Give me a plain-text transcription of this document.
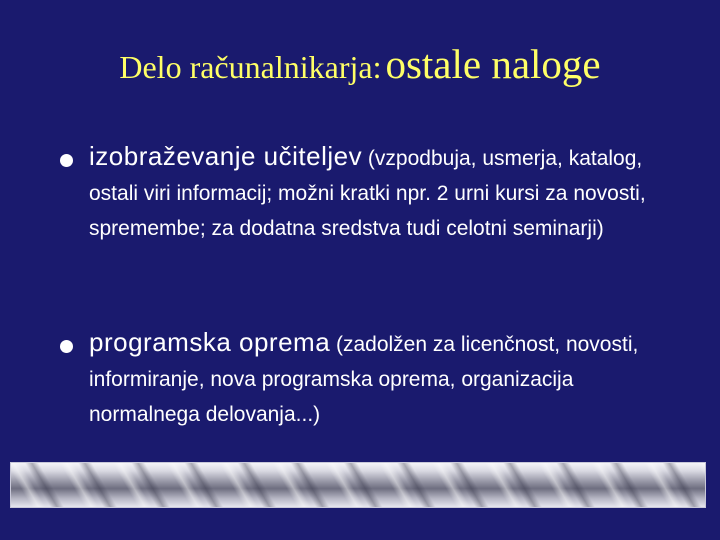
Delo računalnikarja: ostale naloge
izobraževanje učiteljev (vzpodbuja, usmerja, katalog, ostali viri informacij; možni kratki npr. 2 urni kursi za novosti, spremembe; za dodatna sredstva tudi celotni seminarji)
programska oprema (zadolžen za licenčnost, novosti, informiranje, nova programska oprema, organizacija normalnega delovanja...)
